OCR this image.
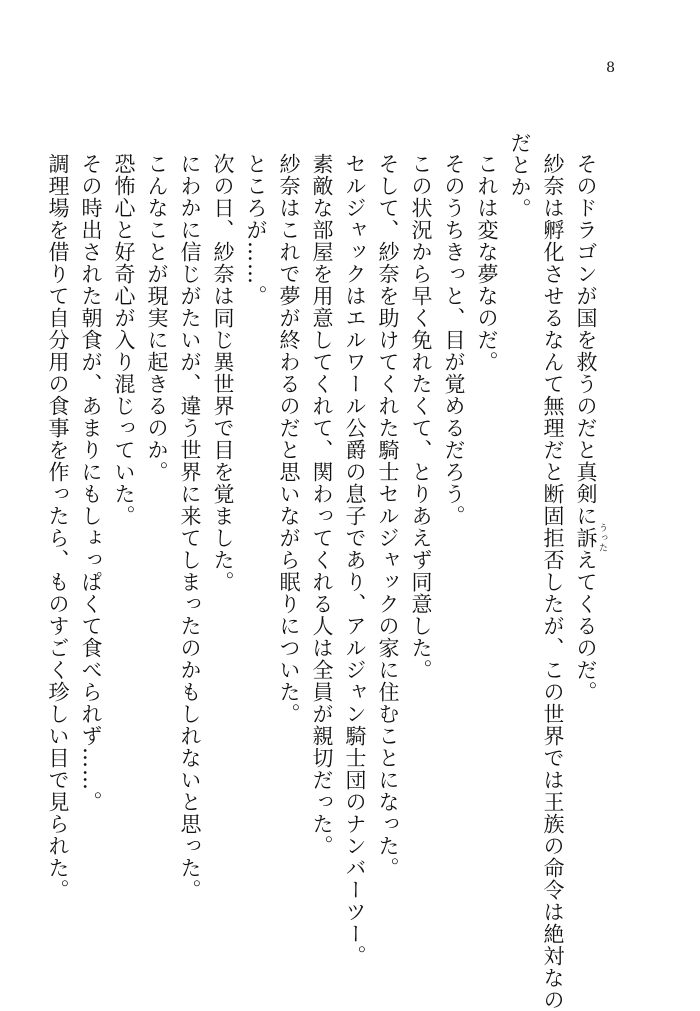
8
そのドラゴンが国を救うのだと真剣に訴 うったえてくるのだ。
紗奈は孵化させるなんて無理だと断固拒否したが、この世界では王族の命令は絶対なの
だとか。
これは変な夢なのだ。
そのうちきっと、目が覚めるだろう。
この状況から早く免れたくて、とりあえず同意した。
そして、紗奈を助けてくれた騎士セルジャックの家に住むことになった。
セルジャックはエルワール公爵の息子であり、アルジャン騎士団のナンバーツー。
素敵な部屋を用意してくれて、関わってくれる人は全員が親切だった。
紗奈はこれで夢が終わるのだと思いながら眠りについた。
ところが……。
次の日、紗奈は同じ異世界で目を覚ました。
にわかに信じがたいが、違う世界に来てしまったのかもしれないと思った。
こんなことが現実に起きるのか。
恐怖心と好奇心が入り混じっていた。
その時出された朝食が、あまりにもしょっぱくて食べられず……。
調理場を借りて自分用の食事を作ったら、ものすごく珍しい目で見られた。
